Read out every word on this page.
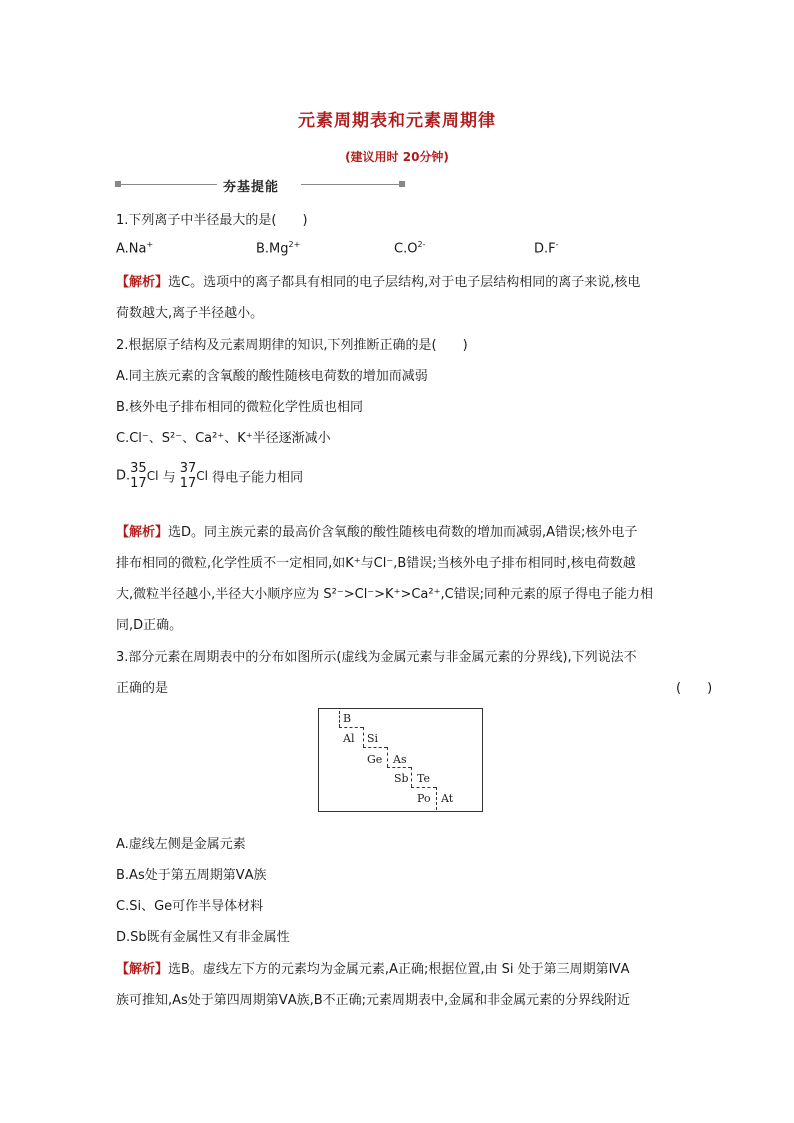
元素周期表和元素周期律
(建议用时 20分钟)
夯基提能
1.下列离子中半径最大的是(　　)
A.Na+	$B.Mg^{2+}$	$C.O^{2-}$	D.F-
【解析】选C。选项中的离子都具有相同的电子层结构,对于电子层结构相同的离子来说,核电
荷数越大,离子半径越小。
2.根据原子结构及元素周期律的知识,下列推断正确的是(　　)
A.同主族元素的含氧酸的酸性随核电荷数的增加而减弱
B.核外电子排布相同的微粒化学性质也相同
C.Cl⁻、S²⁻、Ca²⁺、K⁺半径逐渐减小
D. 35
17 Cl 与
37
17 Cl 得电子能力相同
【解析】选D。同主族元素的最高价含氧酸的酸性随核电荷数的增加而减弱,A错误;核外电子
排布相同的微粒,化学性质不一定相同,如K⁺与Cl⁻,B错误;当核外电子排布相同时,核电荷数越
大,微粒半径越小,半径大小顺序应为 S²⁻>Cl⁻>K⁺>Ca²⁺,C错误;同种元素的原子得电子能力相
同,D正确。
3.部分元素在周期表中的分布如图所示(虚线为金属元素与非金属元素的分界线),下列说法不
正确的是	(　　)
B
Al Si
Ge As
Sb Te
Po At
A.虚线左侧是金属元素
B.As处于第五周期第ⅤA族
C.Si、Ge可作半导体材料
D.Sb既有金属性又有非金属性
【解析】选B。虚线左下方的元素均为金属元素,A正确;根据位置,由 Si 处于第三周期第ⅣA
族可推知,As处于第四周期第ⅤA族,B不正确;元素周期表中,金属和非金属元素的分界线附近
